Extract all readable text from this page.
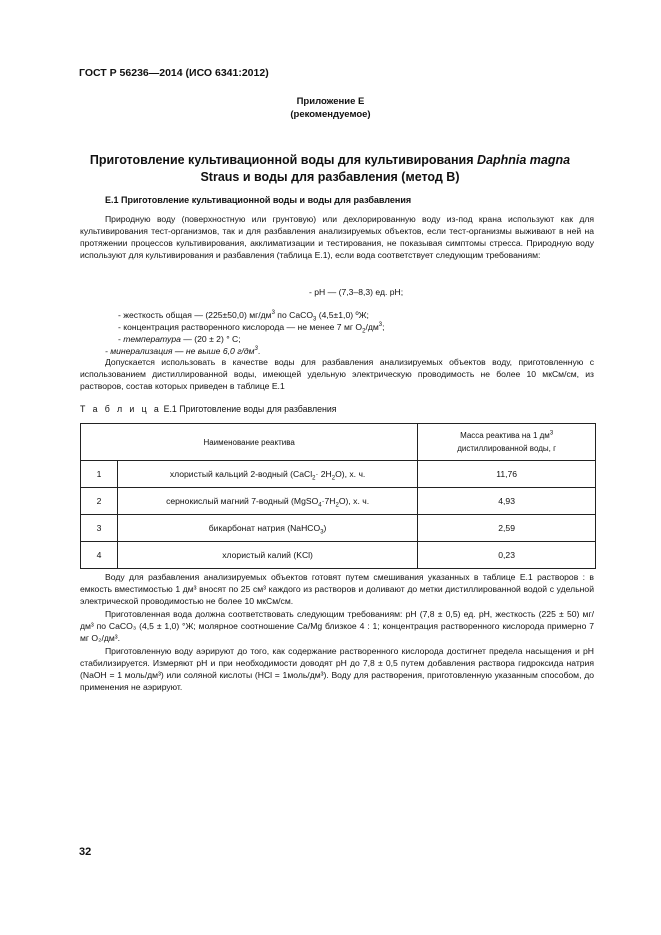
ГОСТ Р 56236—2014 (ИСО 6341:2012)
Приложение Е
(рекомендуемое)
Приготовление культивационной воды для культивирования Daphnia magna
Straus и воды для разбавления (метод В)
Е.1 Приготовление культивационной воды и воды для разбавления
Природную воду (поверхностную или грунтовую) или дехлорированную воду из-под крана используют как для культивирования тест-организмов, так и для разбавления анализируемых объектов, если тест-организмы выживают в ней на протяжении процессов культивирования, акклиматизации и тестирования, не показывая симптомы стресса. Природную воду используют для культивирования и разбавления (таблица Е.1), если вода соответствует следующим требованиям:
- рН — (7,3–8,3) ед. рН;
- жесткость общая — (225±50,0) $мг/дм^3$ по CaCO$_3$ (4,5±1,0) ºЖ;
- концентрация растворенного кислорода — не менее 7 мг $O_2/дм^3$;
- температура — (20 ± 2) ° С;
- минерализация — не выше 6,0 $г/дм^3$.
Допускается использовать в качестве воды для разбавления анализируемых объектов воду, приготовленную с использованием дистиллированной воды, имеющей удельную электрическую проводимость не более 10 мкСм/см, из растворов, состав которых приведен в таблице Е.1
Т а б л и ц а Е.1 Приготовление воды для разбавления
Наименование реактива		Масса реактива на 1 $дм^3$
дистиллированной воды, г
1	хлористый кальций 2-водный (CaCl$_2$· $2H_2O$), х. ч.	11,76
2	сернокислый магний 7-водный $(MgSO_4\cdot 7H_2O)$, х. ч.	4,93
3	бикарбонат натрия (NaHCO$_3$)	2,59
4	хлористый калий (KCl)	0,23
Воду для разбавления анализируемых объектов готовят путем смешивания указанных в таблице Е.1 растворов : в емкость вместимостью 1 дм³ вносят по 25 см³ каждого из растворов и доливают до метки дистиллированной водой с удельной электрической проводимостью не более 10 мкСм/см.
Приготовленная вода должна соответствовать следующим требованиям: рН (7,8 ± 0,5) ед. рН, жесткость (225 ± 50) мг/дм³ по CaCO₃ (4,5 ± 1,0) °Ж; молярное соотношение Ca/Mg близкое 4 : 1; концентрация растворенного кислорода примерно 7 мг O₂/дм³.
Приготовленную воду аэрируют до того, как содержание растворенного кислорода достигнет предела насыщения и рН стабилизируется. Измеряют рН и при необходимости доводят рН до 7,8 ± 0,5 путем добавления раствора гидроксида натрия (NaOH = 1 моль/дм³) или соляной кислоты (HCl = 1моль/дм³). Воду для растворения, приготовленную указанным способом, до применения не аэрируют.
32
